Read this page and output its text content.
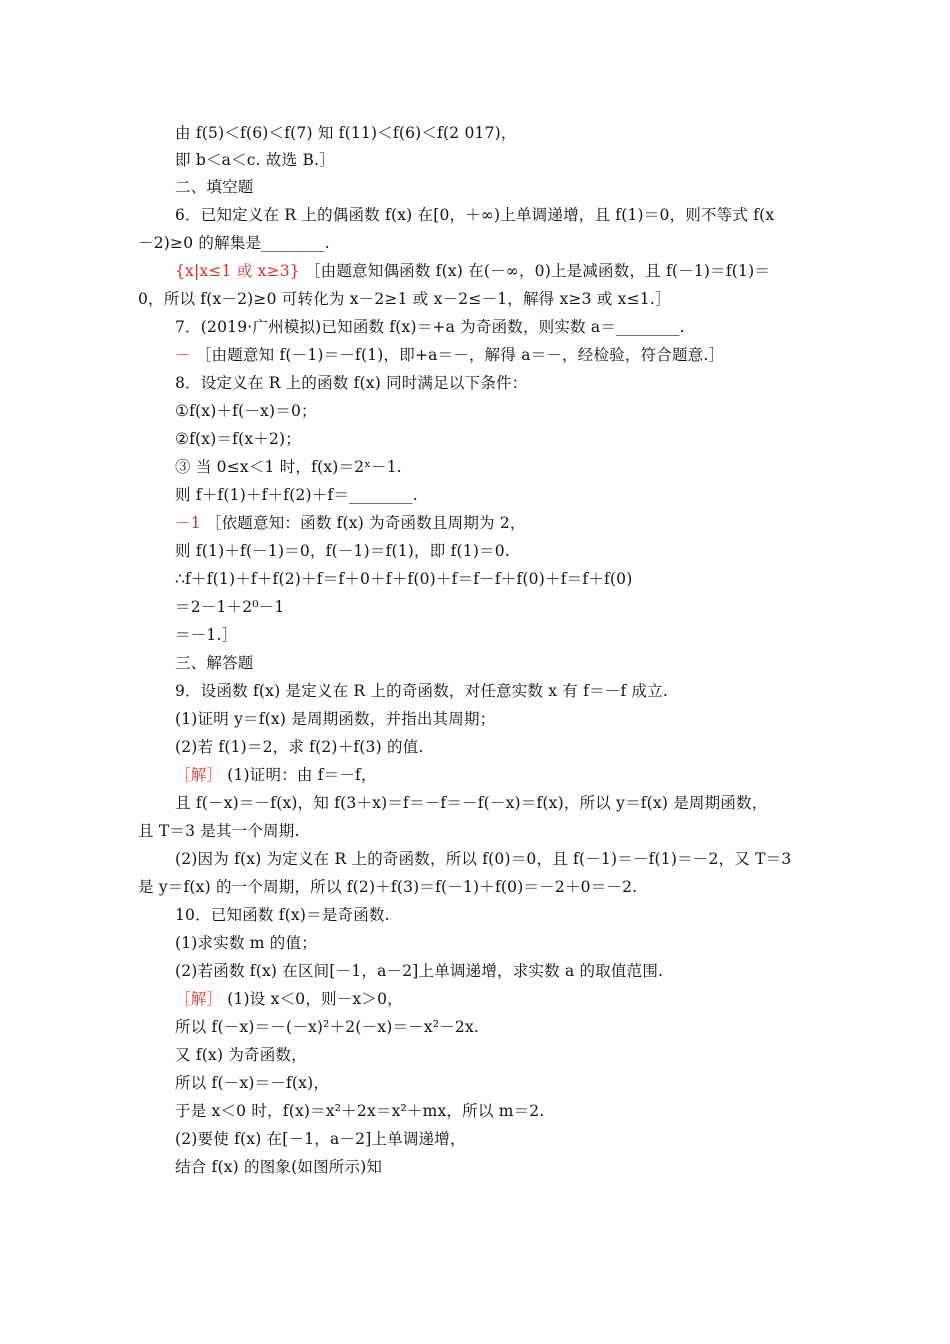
由 f(5)＜f(6)＜f(7) 知 f(11)＜f(6)＜f(2 017)，
即 b＜a＜c. 故选 B.］
二、填空题
6．已知定义在 R 上的偶函数 f(x) 在[0，＋∞)上单调递增，且 f(1)＝0，则不等式 f(x
－2)≥0 的解集是________.
{x|x≤1 或 x≥3} ［由题意知偶函数 f(x) 在(－∞，0)上是减函数，且 f(－1)＝f(1)＝
0，所以 f(x－2)≥0 可转化为 x－2≥1 或 x－2≤－1，解得 x≥3 或 x≤1.］
7．(2019·广州模拟)已知函数 f(x)＝+a 为奇函数，则实数 a＝________.
－ ［由题意知 f(－1)＝－f(1)，即+a＝－，解得 a＝－，经检验，符合题意.］
8．设定义在 R 上的函数 f(x) 同时满足以下条件：
①f(x)＋f(－x)＝0；
②f(x)＝f(x＋2)；
③ 当 0≤x＜1 时，f(x)＝2ˣ－1.
则 f＋f(1)＋f＋f(2)＋f＝________.
－1 ［依题意知：函数 f(x) 为奇函数且周期为 2，
则 f(1)＋f(－1)＝0，f(－1)＝f(1)，即 f(1)＝0.
∴f＋f(1)＋f＋f(2)＋f＝f＋0＋f＋f(0)＋f＝f－f＋f(0)＋f＝f＋f(0)
＝2－1＋2⁰－1
＝－1.］
三、解答题
9．设函数 f(x) 是定义在 R 上的奇函数，对任意实数 x 有 f＝－f 成立.
(1)证明 y＝f(x) 是周期函数，并指出其周期；
(2)若 f(1)＝2，求 f(2)＋f(3) 的值.
［解］ (1)证明：由 f＝－f，
且 f(－x)＝－f(x)，知 f(3＋x)＝f＝－f＝－f(－x)＝f(x)，所以 y＝f(x) 是周期函数，
且 T＝3 是其一个周期.
(2)因为 f(x) 为定义在 R 上的奇函数，所以 f(0)＝0，且 f(－1)＝－f(1)＝－2，又 T＝3
是 y＝f(x) 的一个周期，所以 f(2)＋f(3)＝f(－1)＋f(0)＝－2＋0＝－2.
10．已知函数 f(x)＝是奇函数.
(1)求实数 m 的值；
(2)若函数 f(x) 在区间[－1，a－2]上单调递增，求实数 a 的取值范围.
［解］ (1)设 x＜0，则－x＞0，
所以 f(－x)＝－(－x)²＋2(－x)＝－x²－2x.
又 f(x) 为奇函数，
所以 f(－x)＝－f(x)，
于是 x＜0 时，f(x)＝x²＋2x＝x²＋mx，所以 m＝2.
(2)要使 f(x) 在[－1，a－2]上单调递增，
结合 f(x) 的图象(如图所示)知
